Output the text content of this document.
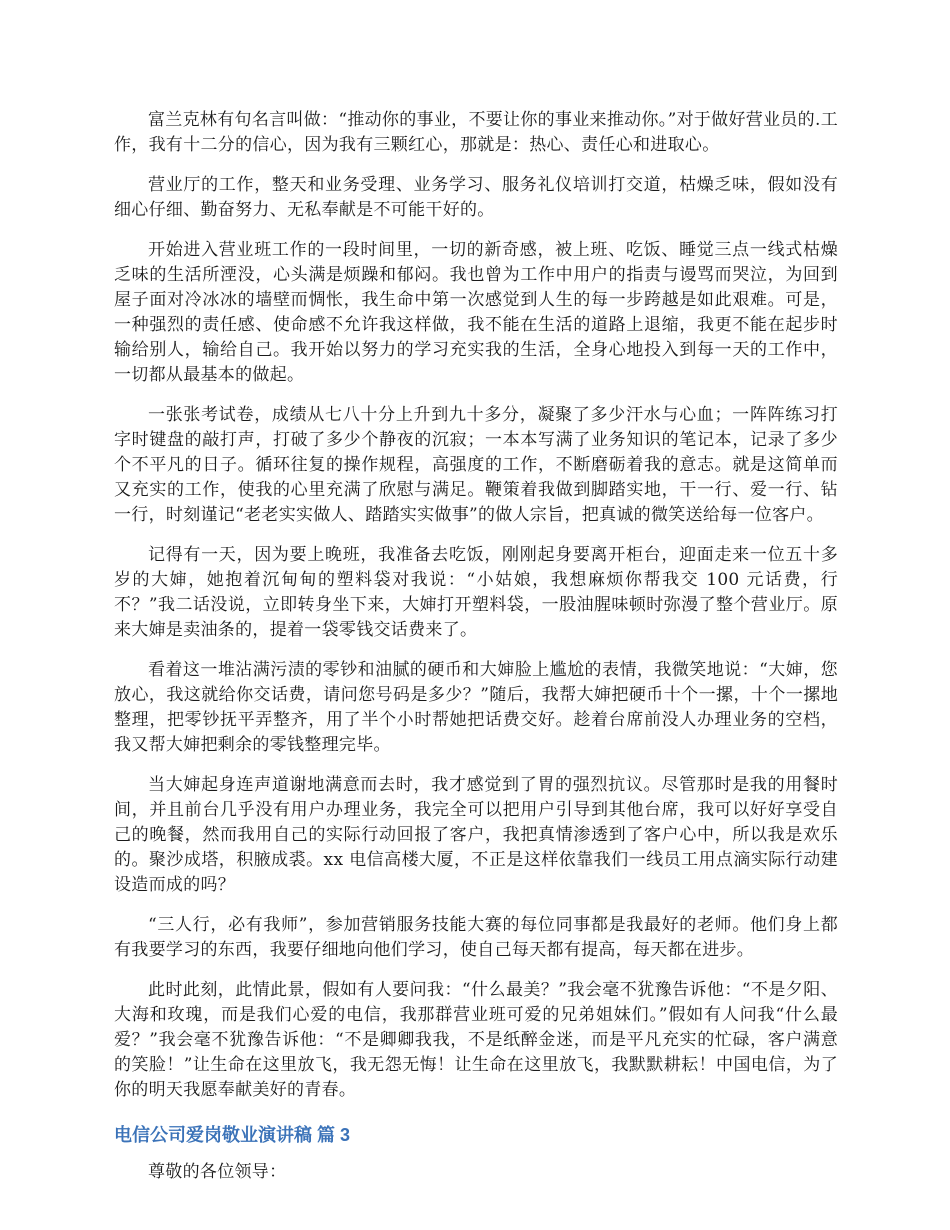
富兰克林有句名言叫做：“推动你的事业，不要让你的事业来推动你。”对于做好营业员的.工作，我有十二分的信心，因为我有三颗红心，那就是：热心、责任心和进取心。

营业厅的工作，整天和业务受理、业务学习、服务礼仪培训打交道，枯燥乏味，假如没有细心仔细、勤奋努力、无私奉献是不可能干好的。

开始进入营业班工作的一段时间里，一切的新奇感，被上班、吃饭、睡觉三点一线式枯燥乏味的生活所湮没，心头满是烦躁和郁闷。我也曾为工作中用户的指责与谩骂而哭泣，为回到屋子面对冷冰冰的墙壁而惆怅，我生命中第一次感觉到人生的每一步跨越是如此艰难。可是，一种强烈的责任感、使命感不允许我这样做，我不能在生活的道路上退缩，我更不能在起步时输给别人，输给自己。我开始以努力的学习充实我的生活，全身心地投入到每一天的工作中，一切都从最基本的做起。

一张张考试卷，成绩从七八十分上升到九十多分，凝聚了多少汗水与心血；一阵阵练习打字时键盘的敲打声，打破了多少个静夜的沉寂；一本本写满了业务知识的笔记本，记录了多少个不平凡的日子。循环往复的操作规程，高强度的工作，不断磨砺着我的意志。就是这简单而又充实的工作，使我的心里充满了欣慰与满足。鞭策着我做到脚踏实地，干一行、爱一行、钻一行，时刻谨记“老老实实做人、踏踏实实做事”的做人宗旨，把真诚的微笑送给每一位客户。

记得有一天，因为要上晚班，我准备去吃饭，刚刚起身要离开柜台，迎面走来一位五十多岁的大婶，她抱着沉甸甸的塑料袋对我说：“小姑娘，我想麻烦你帮我交 100 元话费，行不？”我二话没说，立即转身坐下来，大婶打开塑料袋，一股油腥味顿时弥漫了整个营业厅。原来大婶是卖油条的，提着一袋零钱交话费来了。

看着这一堆沾满污渍的零钞和油腻的硬币和大婶脸上尴尬的表情，我微笑地说：“大婶，您放心，我这就给你交话费，请问您号码是多少？”随后，我帮大婶把硬币十个一摞，十个一摞地整理，把零钞抚平弄整齐，用了半个小时帮她把话费交好。趁着台席前没人办理业务的空档，我又帮大婶把剩余的零钱整理完毕。

当大婶起身连声道谢地满意而去时，我才感觉到了胃的强烈抗议。尽管那时是我的用餐时间，并且前台几乎没有用户办理业务，我完全可以把用户引导到其他台席，我可以好好享受自己的晚餐，然而我用自己的实际行动回报了客户，我把真情渗透到了客户心中，所以我是欢乐的。聚沙成塔，积腋成裘。xx 电信高楼大厦，不正是这样依靠我们一线员工用点滴实际行动建设造而成的吗？

“三人行，必有我师”，参加营销服务技能大赛的每位同事都是我最好的老师。他们身上都有我要学习的东西，我要仔细地向他们学习，使自己每天都有提高，每天都在进步。

此时此刻，此情此景，假如有人要问我：“什么最美？”我会毫不犹豫告诉他：“不是夕阳、大海和玫瑰，而是我们心爱的电信，我那群营业班可爱的兄弟姐妹们。”假如有人问我“什么最爱？”我会毫不犹豫告诉他：“不是卿卿我我，不是纸醉金迷，而是平凡充实的忙碌，客户满意的笑脸！”让生命在这里放飞，我无怨无悔！让生命在这里放飞，我默默耕耘！中国电信，为了你的明天我愿奉献美好的青春。

电信公司爱岗敬业演讲稿 篇 3

尊敬的各位领导：
